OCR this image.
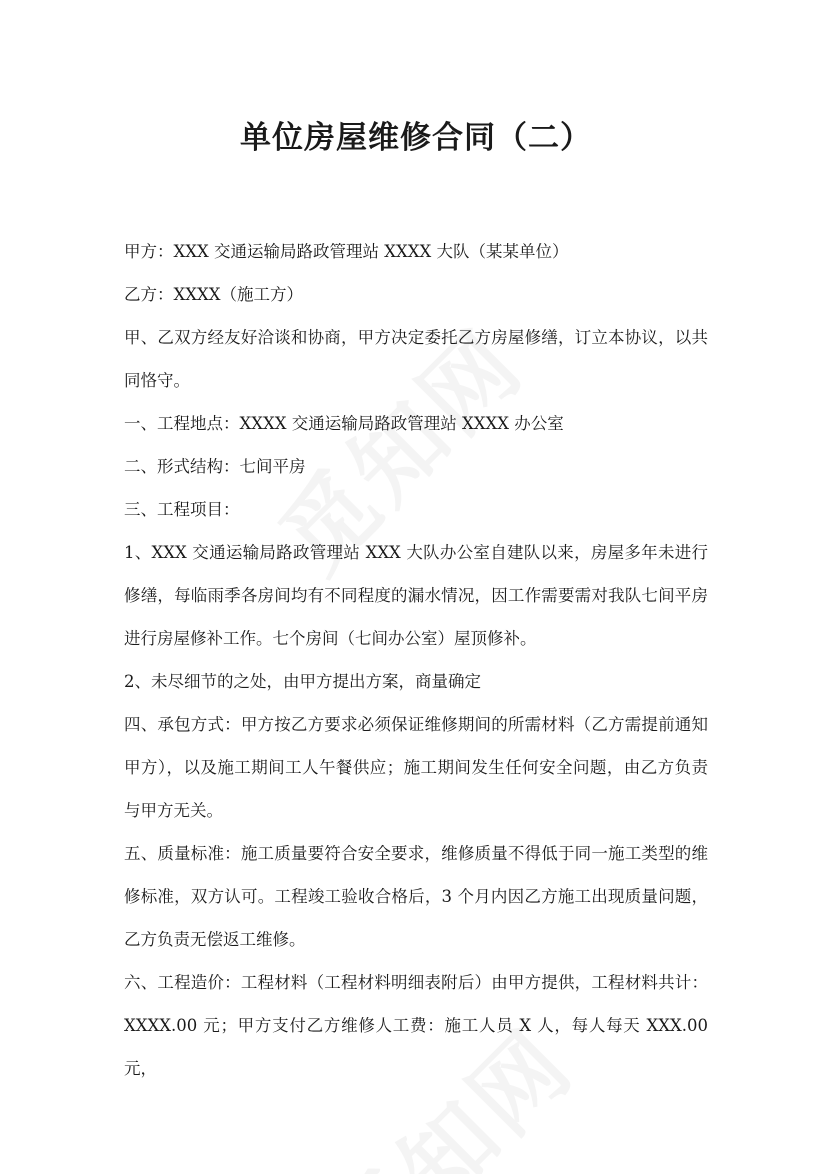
单位房屋维修合同（二）

甲方：XXX 交通运输局路政管理站 XXXX 大队（某某单位）

乙方：XXXX（施工方）

甲、乙双方经友好洽谈和协商，甲方决定委托乙方房屋修缮，订立本协议，以共同恪守。

一、工程地点：XXXX 交通运输局路政管理站 XXXX 办公室

二、形式结构：七间平房

三、工程项目：

1、XXX 交通运输局路政管理站 XXX 大队办公室自建队以来，房屋多年未进行修缮，每临雨季各房间均有不同程度的漏水情况，因工作需要需对我队七间平房进行房屋修补工作。七个房间（七间办公室）屋顶修补。

2、未尽细节的之处，由甲方提出方案，商量确定

四、承包方式：甲方按乙方要求必须保证维修期间的所需材料（乙方需提前通知甲方），以及施工期间工人午餐供应；施工期间发生任何安全问题，由乙方负责与甲方无关。

五、质量标准：施工质量要符合安全要求，维修质量不得低于同一施工类型的维修标准，双方认可。工程竣工验收合格后，3 个月内因乙方施工出现质量问题，乙方负责无偿返工维修。

六、工程造价：工程材料（工程材料明细表附后）由甲方提供，工程材料共计：XXXX.00 元；甲方支付乙方维修人工费：施工人员 X 人，每人每天 XXX.00 元，
